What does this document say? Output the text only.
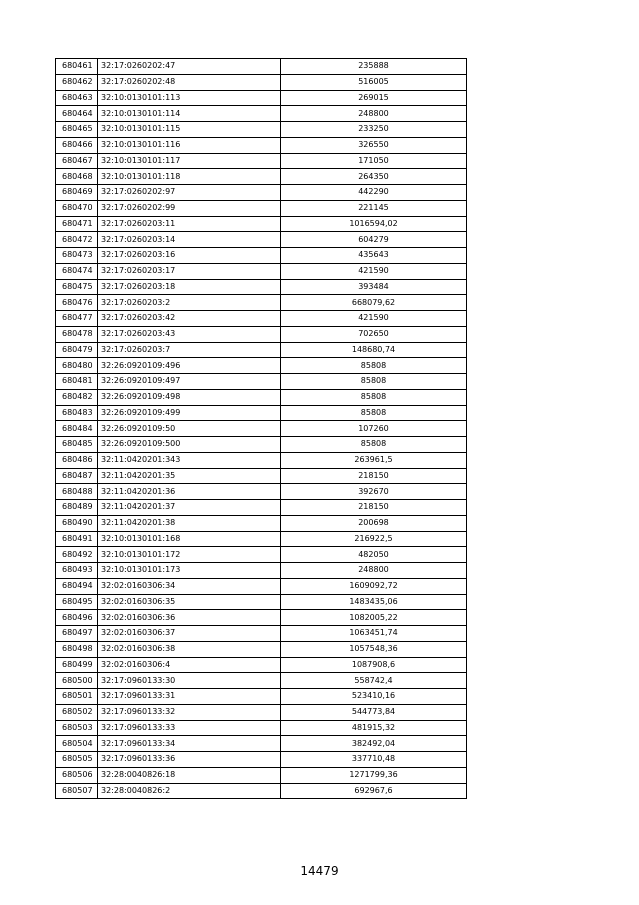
680461	32:17:0260202:47	235888
680462	32:17:0260202:48	516005
680463	32:10:0130101:113	269015
680464	32:10:0130101:114	248800
680465	32:10:0130101:115	233250
680466	32:10:0130101:116	326550
680467	32:10:0130101:117	171050
680468	32:10:0130101:118	264350
680469	32:17:0260202:97	442290
680470	32:17:0260202:99	221145
680471	32:17:0260203:11	1016594,02
680472	32:17:0260203:14	604279
680473	32:17:0260203:16	435643
680474	32:17:0260203:17	421590
680475	32:17:0260203:18	393484
680476	32:17:0260203:2	668079,62
680477	32:17:0260203:42	421590
680478	32:17:0260203:43	702650
680479	32:17:0260203:7	148680,74
680480	32:26:0920109:496	85808
680481	32:26:0920109:497	85808
680482	32:26:0920109:498	85808
680483	32:26:0920109:499	85808
680484	32:26:0920109:50	107260
680485	32:26:0920109:500	85808
680486	32:11:0420201:343	263961,5
680487	32:11:0420201:35	218150
680488	32:11:0420201:36	392670
680489	32:11:0420201:37	218150
680490	32:11:0420201:38	200698
680491	32:10:0130101:168	216922,5
680492	32:10:0130101:172	482050
680493	32:10:0130101:173	248800
680494	32:02:0160306:34	1609092,72
680495	32:02:0160306:35	1483435,06
680496	32:02:0160306:36	1082005,22
680497	32:02:0160306:37	1063451,74
680498	32:02:0160306:38	1057548,36
680499	32:02:0160306:4	1087908,6
680500	32:17:0960133:30	558742,4
680501	32:17:0960133:31	523410,16
680502	32:17:0960133:32	544773,84
680503	32:17:0960133:33	481915,32
680504	32:17:0960133:34	382492,04
680505	32:17:0960133:36	337710,48
680506	32:28:0040826:18	1271799,36
680507	32:28:0040826:2	692967,6
14479
